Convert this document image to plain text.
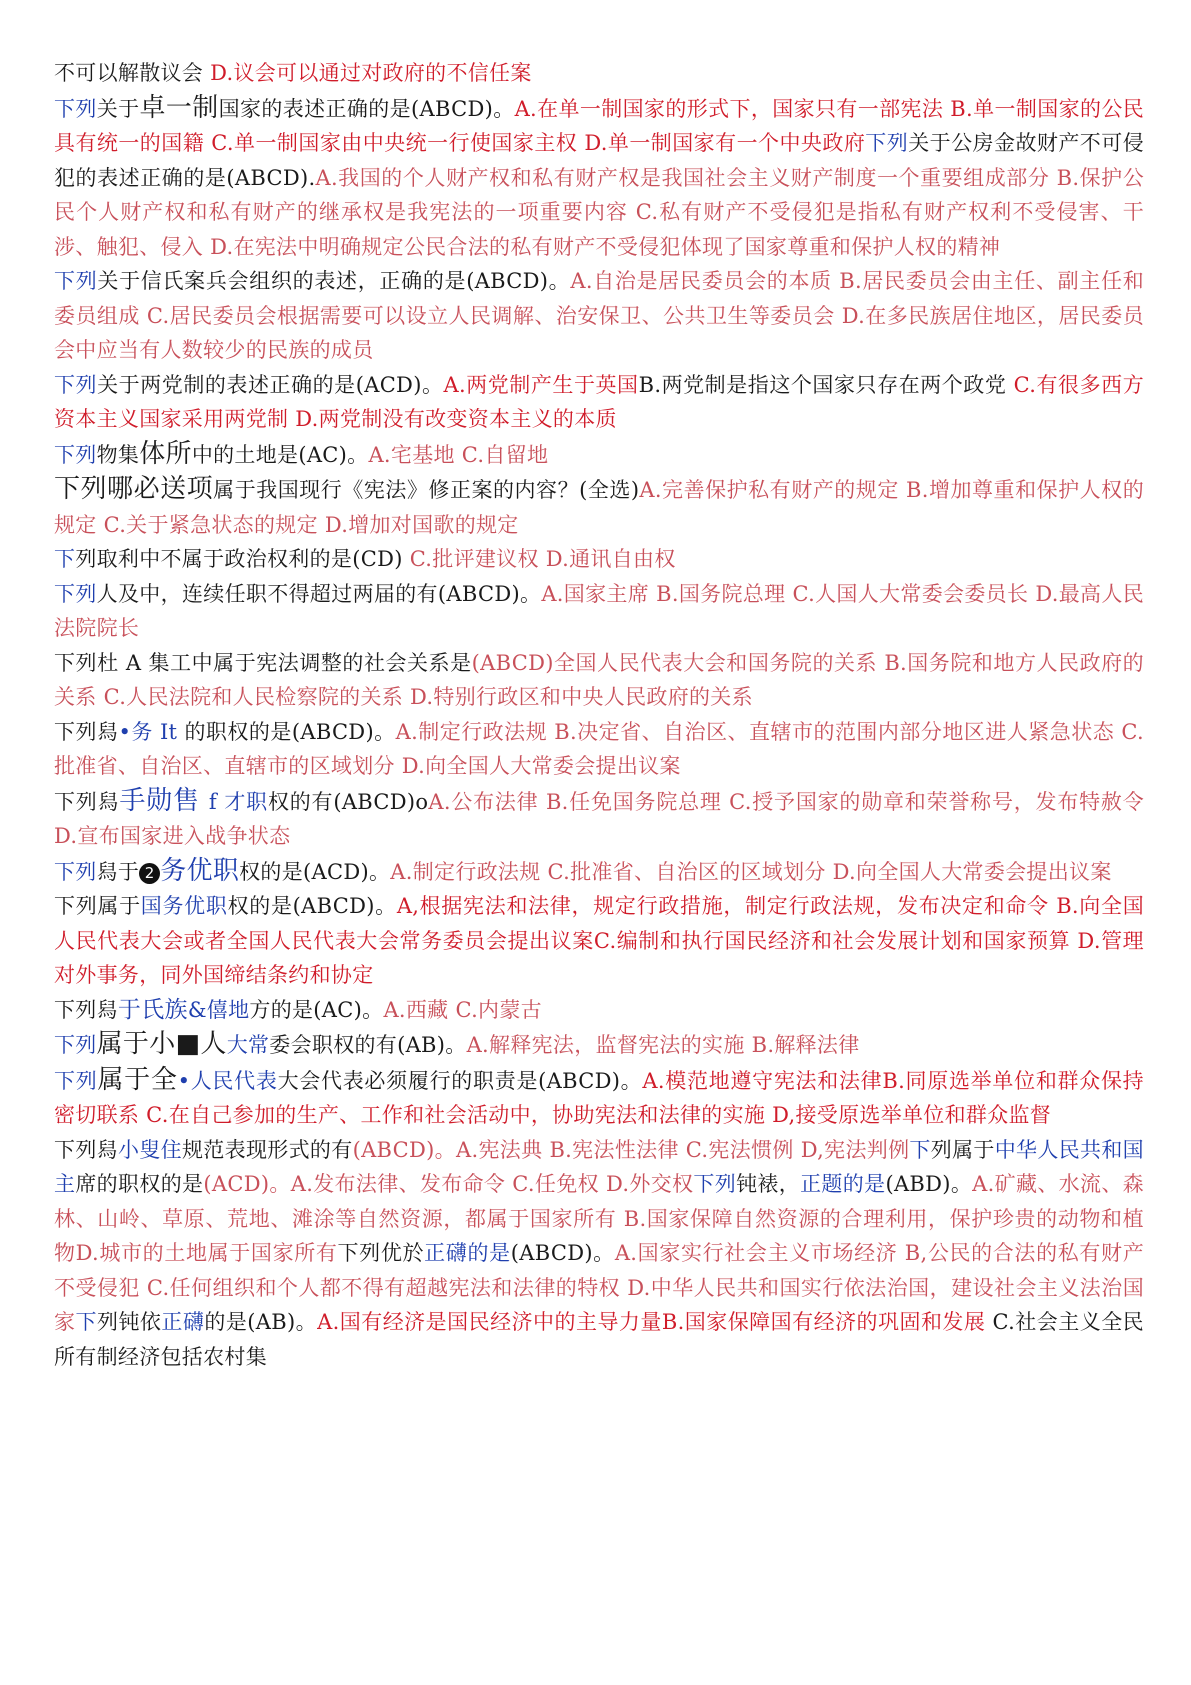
不可以解散议会 D.议会可以通过对政府的不信任案

下列关于卓一制国家的表述正确的是(ABCD)。A.在单一制国家的形式下，国家只有一部宪法 B.单一制国家的公民具有统一的国籍 C.单一制国家由中央统一行使国家主权 D.单一制国家有一个中央政府下列关于公房金故财产不可侵犯的表述正确的是(ABCD).A.我国的个人财产权和私有财产权是我国社会主义财产制度一个重要组成部分 B.保护公民个人财产权和私有财产的继承权是我宪法的一项重要内容 C.私有财产不受侵犯是指私有财产权利不受侵害、干涉、触犯、侵入 D.在宪法中明确规定公民合法的私有财产不受侵犯体现了国家尊重和保护人权的精神

下列关于信氏案兵会组织的表述，正确的是(ABCD)。A.自治是居民委员会的本质 B.居民委员会由主任、副主任和委员组成 C.居民委员会根据需要可以设立人民调解、治安保卫、公共卫生等委员会 D.在多民族居住地区，居民委员会中应当有人数较少的民族的成员

下列关于两党制的表述正确的是(ACD)。A.两党制产生于英国B.两党制是指这个国家只存在两个政党 C.有很多西方资本主义国家采用两党制 D.两党制没有改变资本主义的本质

下列物集体所中的土地是(AC)。A.宅基地 C.自留地

下列哪必送项属于我国现行《宪法》修正案的内容？(全选)A.完善保护私有财产的规定 B.增加尊重和保护人权的规定 C.关于紧急状态的规定 D.增加对国歌的规定

下列取利中不属于政治权利的是(CD) C.批评建议权 D.通讯自由权

下列人及中，连续任职不得超过两届的有(ABCD)。A.国家主席 B.国务院总理 C.人国人大常委会委员长 D.最高人民法院院长

下列杜 A 集工中属于宪法调整的社会关系是(ABCD)全国人民代表大会和国务院的关系 B.国务院和地方人民政府的关系 C.人民法院和人民检察院的关系 D.特别行政区和中央人民政府的关系

下列舄•务 It 的职权的是(ABCD)。A.制定行政法规 B.决定省、自治区、直辖市的范围内部分地区进人紧急状态 C.批准省、自治区、直辖市的区域划分 D.向全国人大常委会提出议案

下列舄手勋售 f 才职权的有(ABCD)oA.公布法律 B.任免国务院总理 C.授予国家的勋章和荣誉称号，发布特赦令 D.宣布国家进入战争状态

下列舄于 2 务优职权的是(ACD)。A.制定行政法规 C.批准省、自治区的区域划分 D.向全国人大常委会提出议案

下列属于国务优职权的是(ABCD)。A,根据宪法和法律，规定行政措施，制定行政法规，发布决定和命令 B.向全国人民代表大会或者全国人民代表大会常务委员会提出议案C.编制和执行国民经济和社会发展计划和国家预算 D.管理对外事务，同外国缔结条约和协定

下列舄于氏族&僖地方的是(AC)。A.西藏 C.内蒙古

下列属于小■人大常委会职权的有(AB)。A.解释宪法，监督宪法的实施 B.解释法律

下列属于全•人民代表大会代表必须履行的职责是(ABCD)。A.模范地遵守宪法和法律B.同原选举单位和群众保持密切联系 C.在自己参加的生产、工作和社会活动中，协助宪法和法律的实施 D,接受原选举单位和群众监督

下列舄小叟住规范表现形式的有(ABCD)。A.宪法典 B.宪法性法律 C.宪法惯例 D,宪法判例下列属于中华人民共和国主席的职权的是(ACD)。A.发布法律、发布命令 C.任免权 D.外交权下列钝裱，正题的是(ABD)。A.矿藏、水流、森林、山岭、草原、荒地、滩涂等自然资源，都属于国家所有 B.国家保障自然资源的合理利用，保护珍贵的动物和植物D.城市的土地属于国家所有下列优於正礴的是(ABCD)。A.国家实行社会主义市场经济 B,公民的合法的私有财产不受侵犯 C.任何组织和个人都不得有超越宪法和法律的特权 D.中华人民共和国实行依法治国，建设社会主义法治国家下列钝依正礴的是(AB)。A.国有经济是国民经济中的主导力量B.国家保障国有经济的巩固和发展 C.社会主义全民所有制经济包括农村集
